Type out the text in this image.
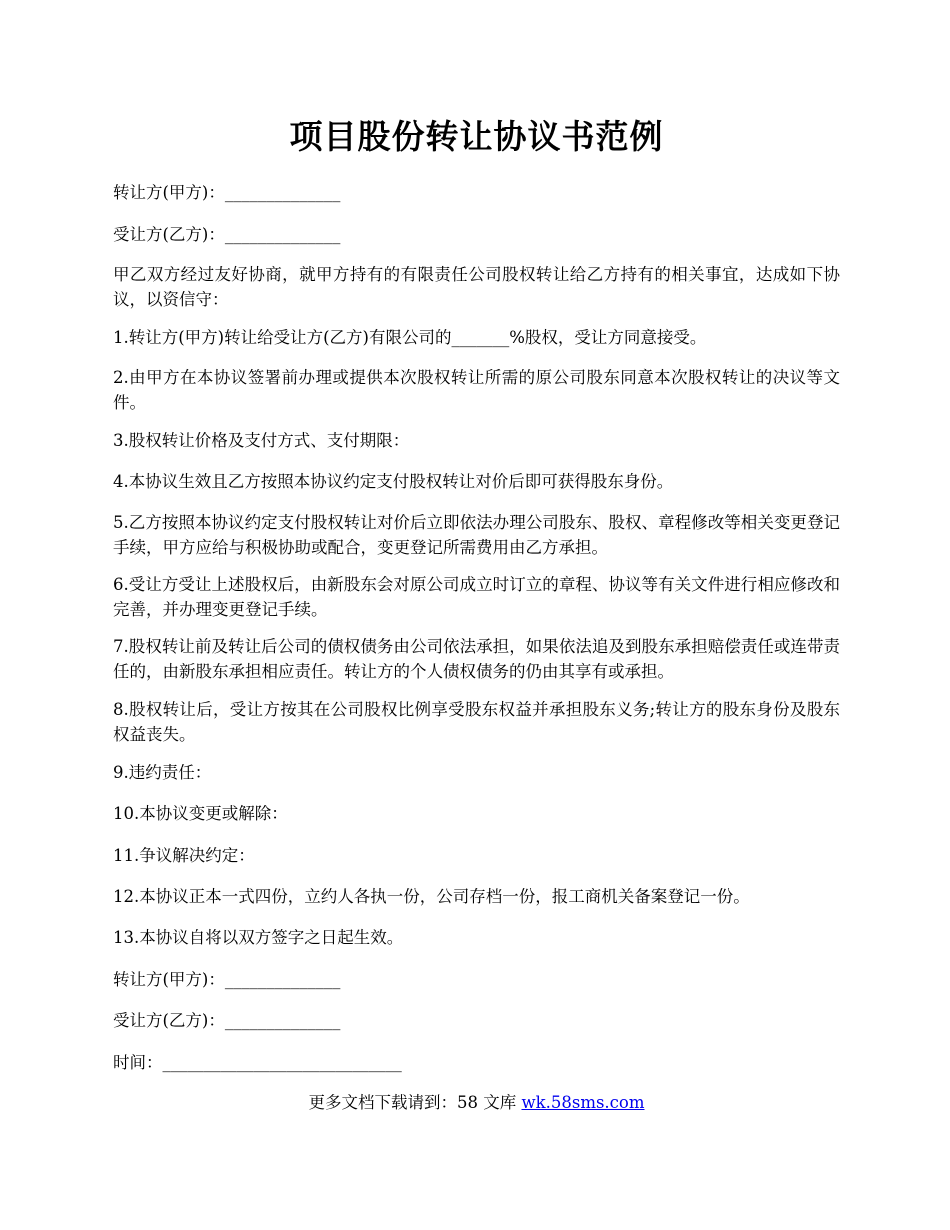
项目股份转让协议书范例
转让方(甲方)：______________
受让方(乙方)：______________
甲乙双方经过友好协商，就甲方持有的有限责任公司股权转让给乙方持有的相关事宜，达成如下协议，以资信守：
1.转让方(甲方)转让给受让方(乙方)有限公司的_______%股权，受让方同意接受。
2.由甲方在本协议签署前办理或提供本次股权转让所需的原公司股东同意本次股权转让的决议等文件。
3.股权转让价格及支付方式、支付期限：
4.本协议生效且乙方按照本协议约定支付股权转让对价后即可获得股东身份。
5.乙方按照本协议约定支付股权转让对价后立即依法办理公司股东、股权、章程修改等相关变更登记手续，甲方应给与积极协助或配合，变更登记所需费用由乙方承担。
6.受让方受让上述股权后，由新股东会对原公司成立时订立的章程、协议等有关文件进行相应修改和完善，并办理变更登记手续。
7.股权转让前及转让后公司的债权债务由公司依法承担，如果依法追及到股东承担赔偿责任或连带责任的，由新股东承担相应责任。转让方的个人债权债务的仍由其享有或承担。
8.股权转让后，受让方按其在公司股权比例享受股东权益并承担股东义务;转让方的股东身份及股东权益丧失。
9.违约责任：
10.本协议变更或解除：
11.争议解决约定：
12.本协议正本一式四份，立约人各执一份，公司存档一份，报工商机关备案登记一份。
13.本协议自将以双方签字之日起生效。
转让方(甲方)：______________
受让方(乙方)：______________
时间：_____________________________
更多文档下载请到：58 文库 wk.58sms.com
